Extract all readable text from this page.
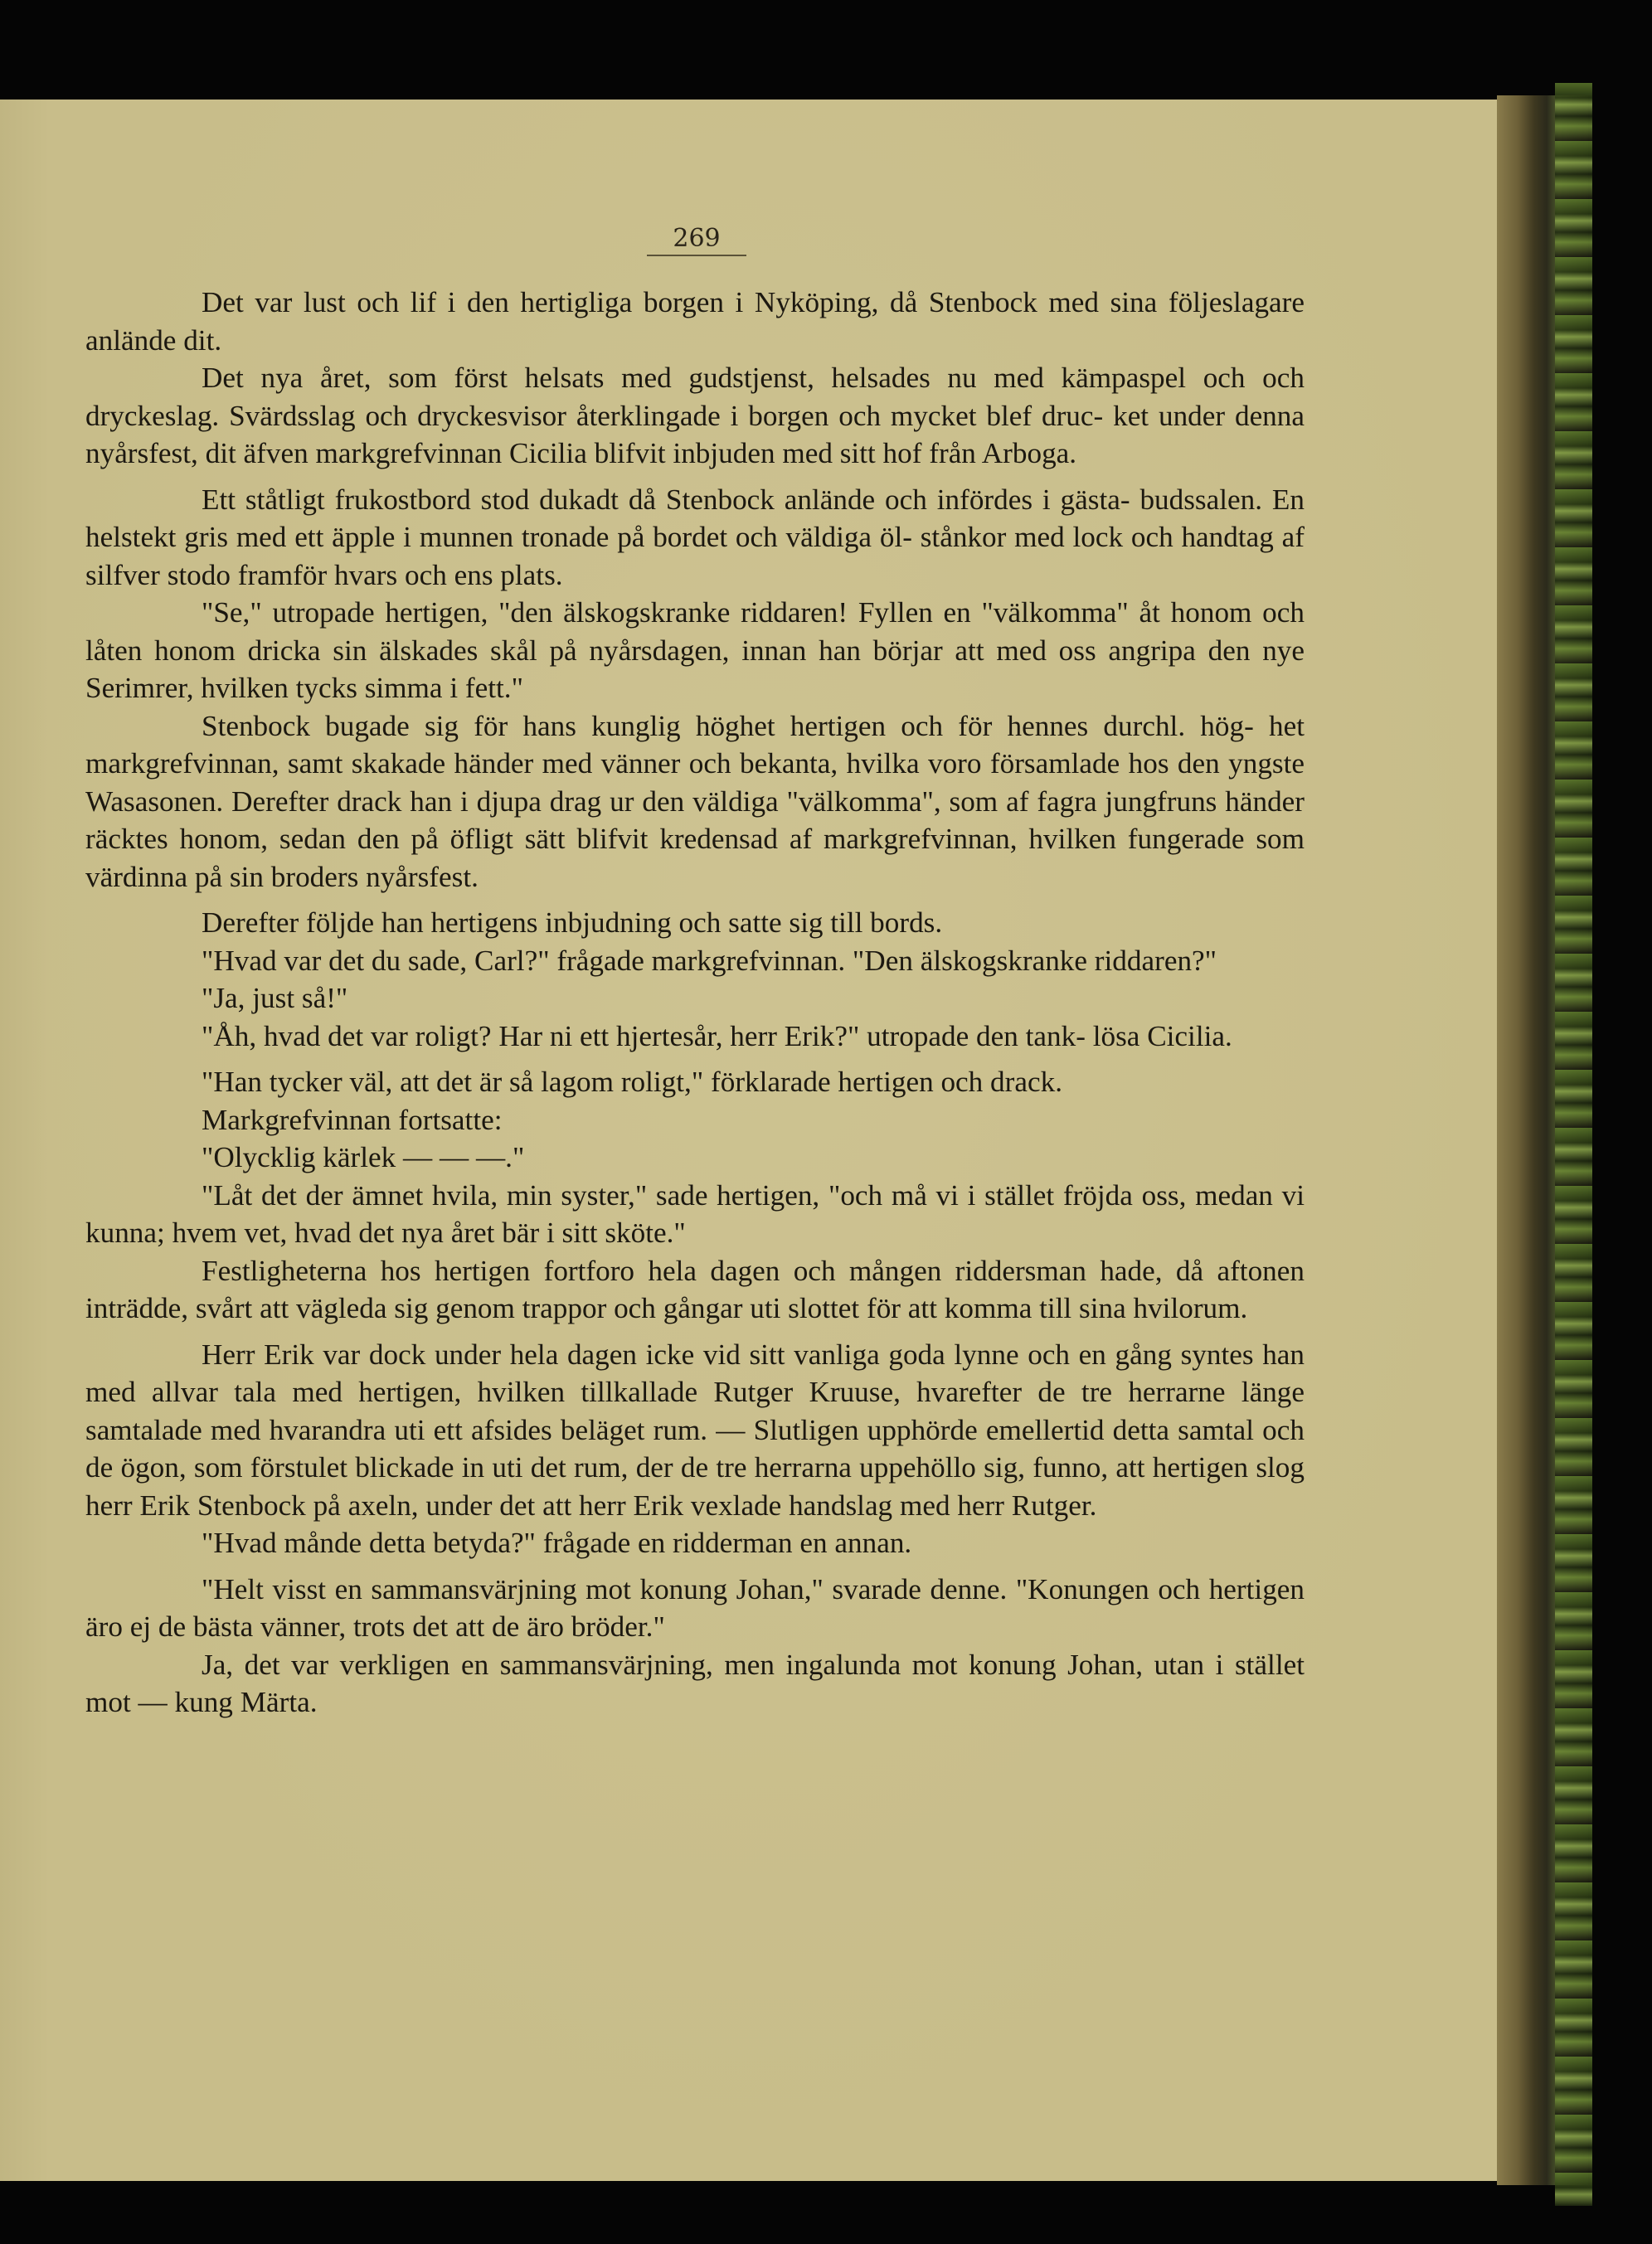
269

Det var lust och lif i den hertigliga borgen i Nyköping, då Stenbock med sina följeslagare anlände dit.

Det nya året, som först helsats med gudstjenst, helsades nu med kämpaspel och och dryckeslag. Svärdsslag och dryckesvisor återklingade i borgen och mycket blef druc- ket under denna nyårsfest, dit äfven markgrefvinnan Cicilia blifvit inbjuden med sitt hof från Arboga.

Ett ståtligt frukostbord stod dukadt då Stenbock anlände och infördes i gästa- budssalen. En helstekt gris med ett äpple i munnen tronade på bordet och väldiga öl- stånkor med lock och handtag af silfver stodo framför hvars och ens plats.

"Se," utropade hertigen, "den älskogskranke riddaren! Fyllen en "välkomma" åt honom och låten honom dricka sin älskades skål på nyårsdagen, innan han börjar att med oss angripa den nye Serimrer, hvilken tycks simma i fett."

Stenbock bugade sig för hans kunglig höghet hertigen och för hennes durchl. hög- het markgrefvinnan, samt skakade händer med vänner och bekanta, hvilka voro församlade hos den yngste Wasasonen. Derefter drack han i djupa drag ur den väldiga "välkomma", som af fagra jungfruns händer räcktes honom, sedan den på öfligt sätt blifvit kredensad af markgrefvinnan, hvilken fungerade som värdinna på sin broders nyårsfest.

Derefter följde han hertigens inbjudning och satte sig till bords.

"Hvad var det du sade, Carl?" frågade markgrefvinnan. "Den älskogskranke riddaren?"

"Ja, just så!"

"Åh, hvad det var roligt? Har ni ett hjertesår, herr Erik?" utropade den tank- lösa Cicilia.

"Han tycker väl, att det är så lagom roligt," förklarade hertigen och drack.

Markgrefvinnan fortsatte:

"Olycklig kärlek — — —."

"Låt det der ämnet hvila, min syster," sade hertigen, "och må vi i stället fröjda oss, medan vi kunna; hvem vet, hvad det nya året bär i sitt sköte."

Festligheterna hos hertigen fortforo hela dagen och mången riddersman hade, då aftonen inträdde, svårt att vägleda sig genom trappor och gångar uti slottet för att komma till sina hvilorum.

Herr Erik var dock under hela dagen icke vid sitt vanliga goda lynne och en gång syntes han med allvar tala med hertigen, hvilken tillkallade Rutger Kruuse, hvarefter de tre herrarne länge samtalade med hvarandra uti ett afsides beläget rum. — Slutligen upphörde emellertid detta samtal och de ögon, som förstulet blickade in uti det rum, der de tre herrarna uppehöllo sig, funno, att hertigen slog herr Erik Stenbock på axeln, under det att herr Erik vexlade handslag med herr Rutger.

"Hvad månde detta betyda?" frågade en ridderman en annan.

"Helt visst en sammansvärjning mot konung Johan," svarade denne. "Konungen och hertigen äro ej de bästa vänner, trots det att de äro bröder."

Ja, det var verkligen en sammansvärjning, men ingalunda mot konung Johan, utan i stället mot — kung Märta.
